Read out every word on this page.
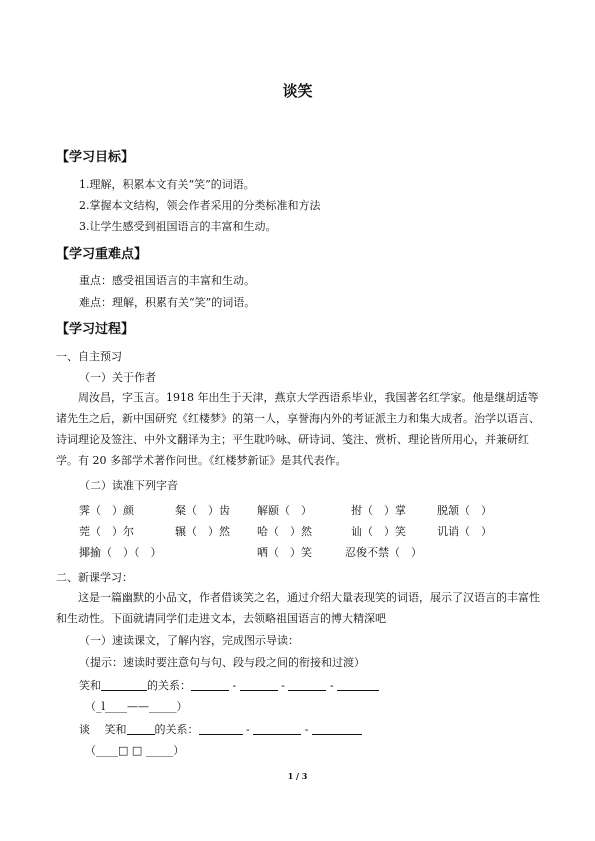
谈笑
【学习目标】
1.理解，积累本文有关“笑”的词语。
2.掌握本文结构，领会作者采用的分类标准和方法
3.让学生感受到祖国语言的丰富和生动。
【学习重难点】
重点：感受祖国语言的丰富和生动。
难点：理解，积累有关“笑”的词语。
【学习过程】
一、自主预习
（一）关于作者
周汝昌，字玉言。1918 年出生于天津，燕京大学西语系毕业，我国著名红学家。他是继胡适等诸先生之后，新中国研究《红楼梦》的第一人，享誉海内外的考证派主力和集大成者。治学以语言、诗词理论及签注、中外文翻译为主；平生耽吟咏、研诗词、笺注、赏析、理论皆所用心，并兼研红学。有 20 多部学术著作问世。《红楼梦新证》是其代表作。
（二）读准下列字音
霁（　）颜	粲（　）齿 解颐（　）	拊（　）掌	脱颔（　）
莞（　）尔	辗（　）然 哈（　）然	讪（　）笑	讥诮（　）
揶揄（　）（　）	哂（　）笑	忍俊不禁（　）
二、新课学习：
这是一篇幽默的小品文，作者借谈笑之名，通过介绍大量表现笑的词语，展示了汉语言的丰富性和生动性。下面就请同学们走进文本，去领略祖国语言的博大精深吧
（一）速读课文，了解内容，完成图示导读：
（提示：速读时要注意句与句、段与段之间的衔接和过渡）
笑和	的关系：	-	-	-
（_l____——_____）
谈　 笑和	的关系：	-	-
（____□ □ _____）
1 / 3
